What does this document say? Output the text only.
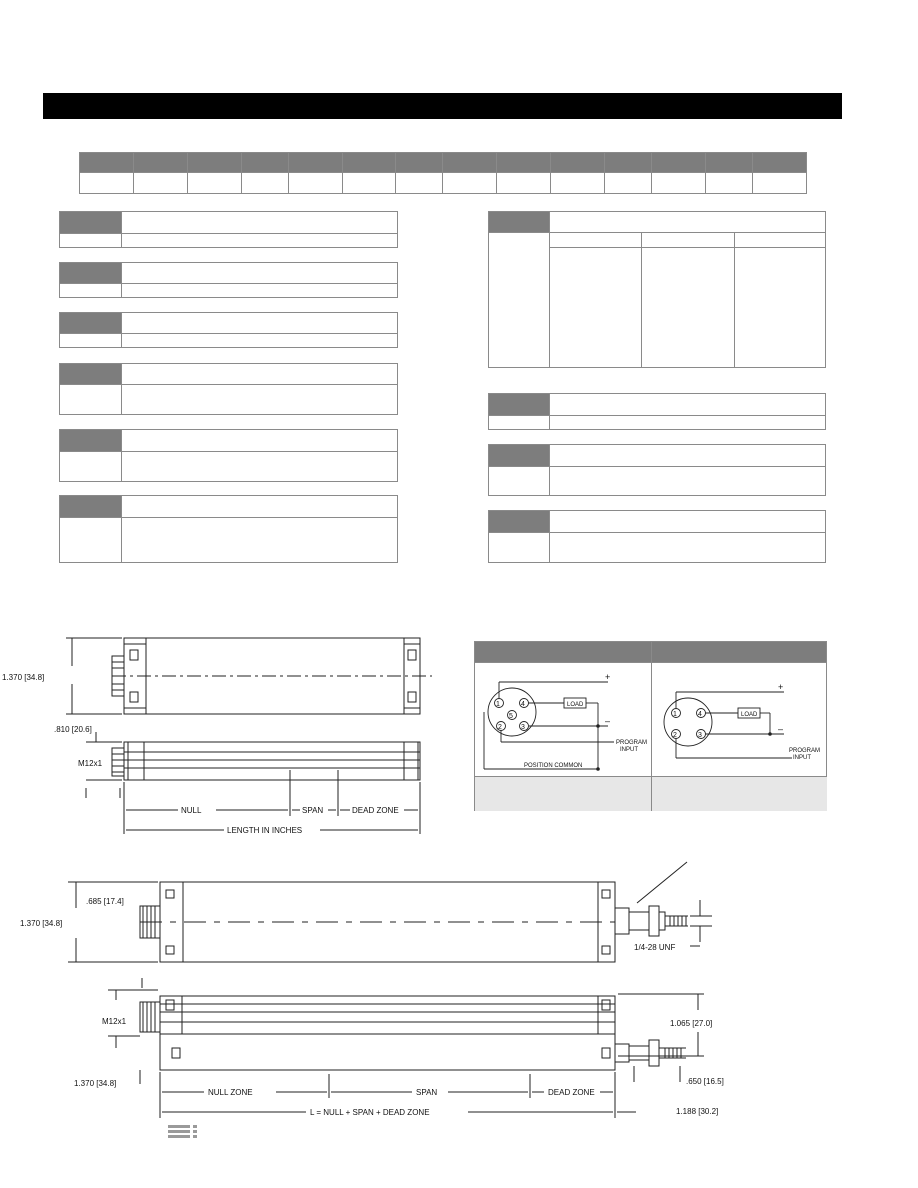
1.370 [34.8]
.810 [20.6]
M12x1
NULL	SPAN	DEAD ZONE
LENGTH IN INCHES
1	4
5
2	3
1	4
2	3
LOAD
LOAD
+
–
+
–
PROGRAM
INPUT	PROGRAM
INPUT
POSITION COMMON
.685 [17.4]
1.370 [34.8]
1/4-28 UNF
M12x1	1.065 [27.0]
.650 [16.5]
1.188 [30.2]
1.370 [34.8]
NULL ZONE	SPAN	DEAD ZONE
L = NULL + SPAN + DEAD ZONE
